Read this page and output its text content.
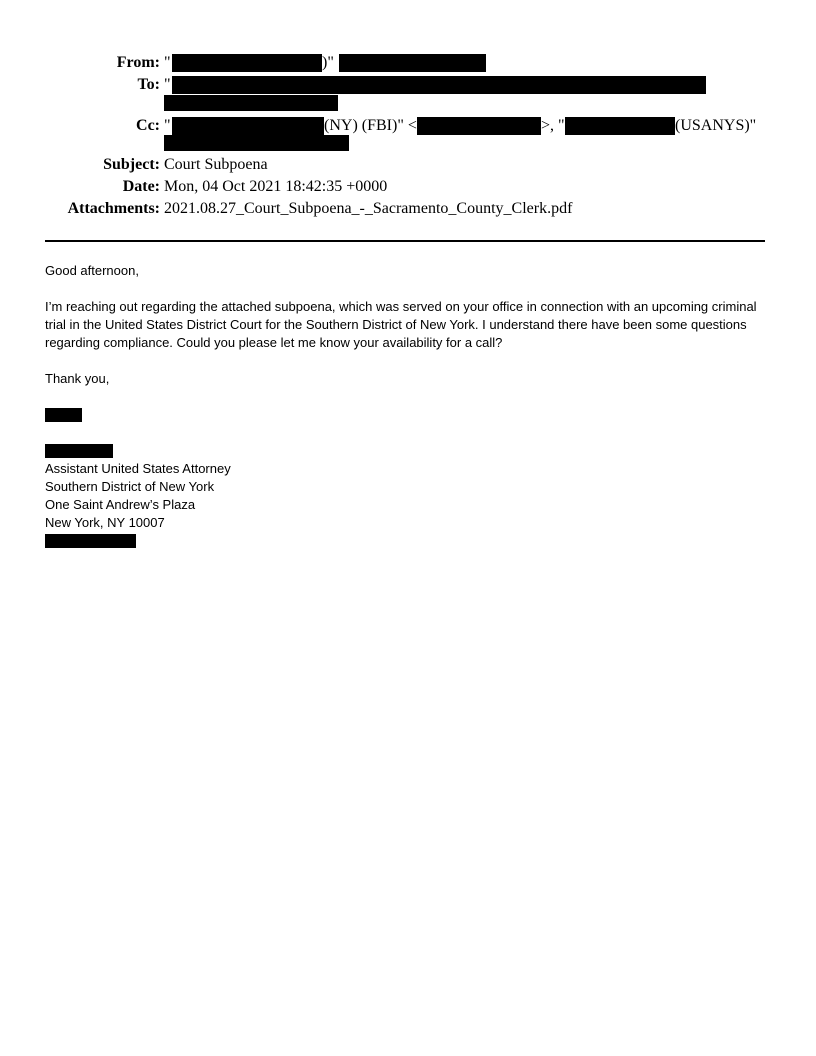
From: "	)"
To: "
Cc: "	(NY) (FBI)" <	>, "	(USANYS)"
Subject: Court Subpoena
Date: Mon, 04 Oct 2021 18:42:35 +0000
Attachments: 2021.08.27_Court_Subpoena_-_Sacramento_County_Clerk.pdf

Good afternoon,

I’m reaching out regarding the attached subpoena, which was served on your office in connection with an upcoming criminal trial in the United States District Court for the Southern District of New York. I understand there have been some questions regarding compliance. Could you please let me know your availability for a call?

Thank you,

Assistant United States Attorney

Southern District of New York

One Saint Andrew’s Plaza

New York, NY 10007
